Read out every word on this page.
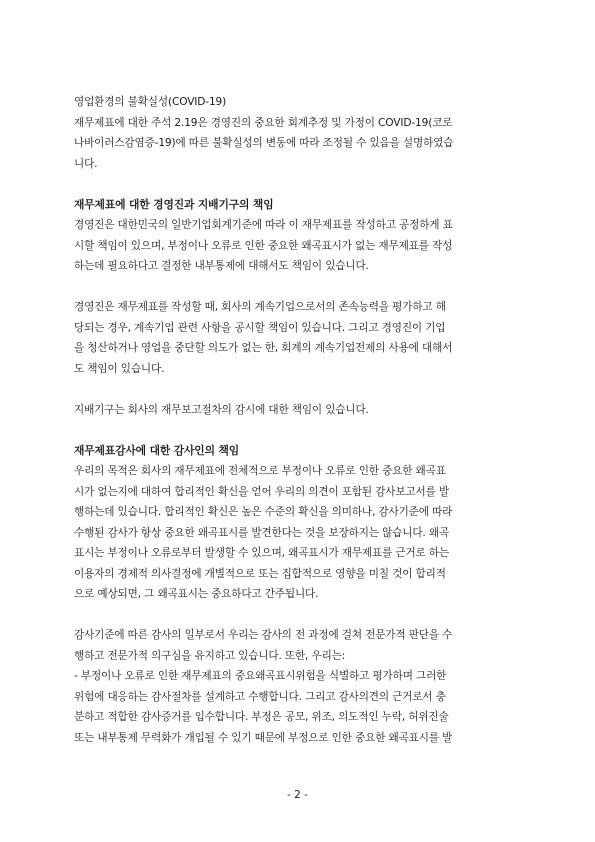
영업환경의 불확실성(COVID-19)
재무제표에 대한 주석 2.19은 경영진의 중요한 회계추정 및 가정이 COVID-19(코로
나바이러스감염증-19)에 따른 불확실성의 변동에 따라 조정될 수 있음을 설명하였습
니다.
재무제표에 대한 경영진과 지배기구의 책임
경영진은 대한민국의 일반기업회계기준에 따라 이 재무제표를 작성하고 공정하게 표
시할 책임이 있으며, 부정이나 오류로 인한 중요한 왜곡표시가 없는 재무제표를 작성
하는데 필요하다고 결정한 내부통제에 대해서도 책임이 있습니다.
경영진은 재무제표를 작성할 때, 회사의 계속기업으로서의 존속능력을 평가하고 해
당되는 경우, 계속기업 관련 사항을 공시할 책임이 있습니다. 그리고 경영진이 기업
을 청산하거나 영업을 중단할 의도가 없는 한, 회계의 계속기업전제의 사용에 대해서
도 책임이 있습니다.
지배기구는 회사의 재무보고절차의 감시에 대한 책임이 있습니다.
재무제표감사에 대한 감사인의 책임
우리의 목적은 회사의 재무제표에 전체적으로 부정이나 오류로 인한 중요한 왜곡표
시가 없는지에 대하여 합리적인 확신을 얻어 우리의 의견이 포함된 감사보고서를 발
행하는데 있습니다. 합리적인 확신은 높은 수준의 확신을 의미하나, 감사기준에 따라
수행된 감사가 항상 중요한 왜곡표시를 발견한다는 것을 보장하지는 않습니다. 왜곡
표시는 부정이나 오류로부터 발생할 수 있으며, 왜곡표시가 재무제표를 근거로 하는
이용자의 경제적 의사결정에 개별적으로 또는 집합적으로 영향을 미칠 것이 합리적
으로 예상되면, 그 왜곡표시는 중요하다고 간주됩니다.
감사기준에 따른 감사의 일부로서 우리는 감사의 전 과정에 걸쳐 전문가적 판단을 수
행하고 전문가적 의구심을 유지하고 있습니다. 또한, 우리는:
- 부정이나 오류로 인한 재무제표의 중요왜곡표시위험을 식별하고 평가하며 그러한
위험에 대응하는 감사절차를 설계하고 수행합니다. 그리고 감사의견의 근거로서 충
분하고 적합한 감사증거를 입수합니다. 부정은 공모, 위조, 의도적인 누락, 허위진술
또는 내부통제 무력화가 개입될 수 있기 때문에 부정으로 인한 중요한 왜곡표시를 발
- 2 -
